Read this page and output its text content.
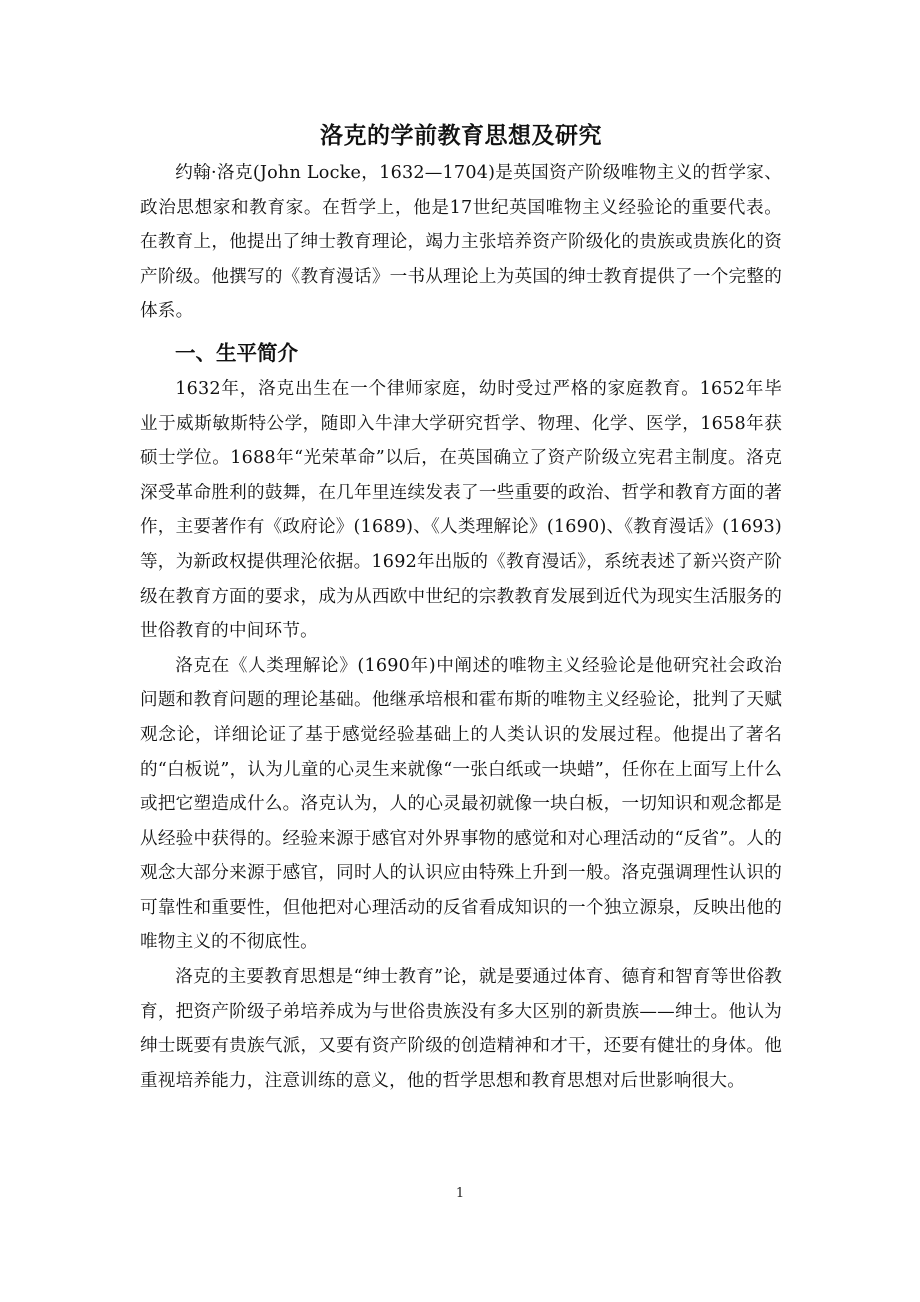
洛克的学前教育思想及研究

约翰·洛克(John Locke，1632—1704)是英国资产阶级唯物主义的哲学家、政治思想家和教育家。在哲学上，他是17世纪英国唯物主义经验论的重要代表。在教育上，他提出了绅士教育理论，竭力主张培养资产阶级化的贵族或贵族化的资产阶级。他撰写的《教育漫话》一书从理论上为英国的绅士教育提供了一个完整的体系。

一、生平简介

1632年，洛克出生在一个律师家庭，幼时受过严格的家庭教育。1652年毕业于威斯敏斯特公学，随即入牛津大学研究哲学、物理、化学、医学，1658年获硕士学位。1688年“光荣革命”以后，在英国确立了资产阶级立宪君主制度。洛克深受革命胜利的鼓舞，在几年里连续发表了一些重要的政治、哲学和教育方面的著作，主要著作有《政府论》(1689)、《人类理解论》(1690)、《教育漫话》(1693)等，为新政权提供理沦依据。1692年出版的《教育漫话》，系统表述了新兴资产阶级在教育方面的要求，成为从西欧中世纪的宗教教育发展到近代为现实生活服务的世俗教育的中间环节。

洛克在《人类理解论》(1690年)中阐述的唯物主义经验论是他研究社会政治问题和教育问题的理论基础。他继承培根和霍布斯的唯物主义经验论，批判了天赋观念论，详细论证了基于感觉经验基础上的人类认识的发展过程。他提出了著名的“白板说”，认为儿童的心灵生来就像“一张白纸或一块蜡”，任你在上面写上什么或把它塑造成什么。洛克认为，人的心灵最初就像一块白板，一切知识和观念都是从经验中获得的。经验来源于感官对外界事物的感觉和对心理活动的“反省”。人的观念大部分来源于感官，同时人的认识应由特殊上升到一般。洛克强调理性认识的可靠性和重要性，但他把对心理活动的反省看成知识的一个独立源泉，反映出他的唯物主义的不彻底性。

洛克的主要教育思想是“绅士教育”论，就是要通过体育、德育和智育等世俗教育，把资产阶级子弟培养成为与世俗贵族没有多大区别的新贵族——绅士。他认为绅士既要有贵族气派，又要有资产阶级的创造精神和才干，还要有健壮的身体。他重视培养能力，注意训练的意义，他的哲学思想和教育思想对后世影响很大。

1
